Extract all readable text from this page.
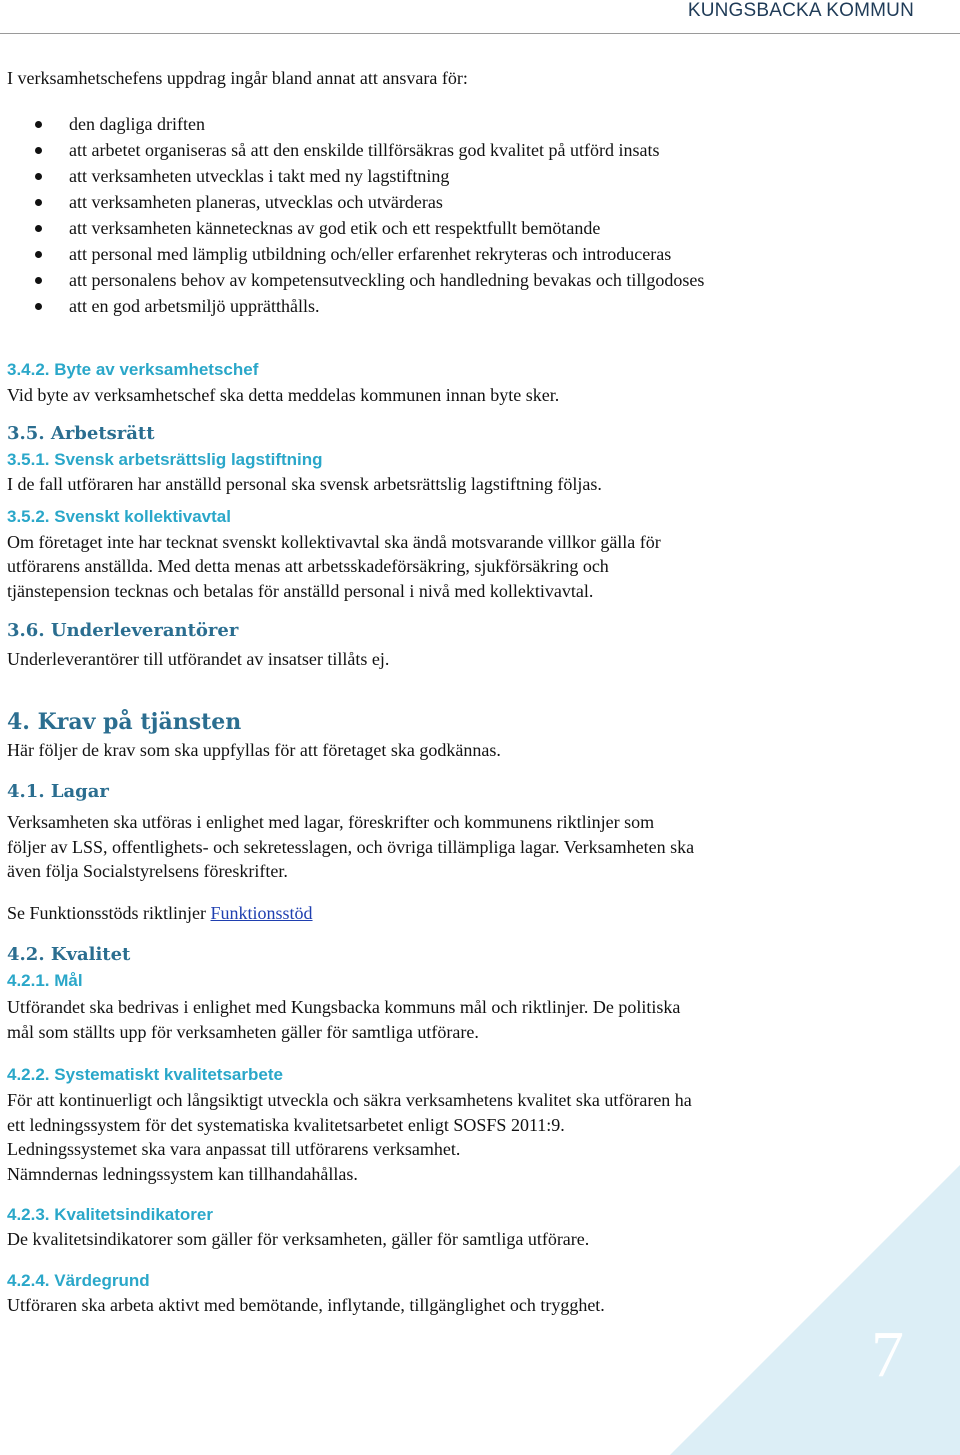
KUNGSBACKA KOMMUN

I verksamhetschefens uppdrag ingår bland annat att ansvara för:

den dagliga driften
att arbetet organiseras så att den enskilde tillförsäkras god kvalitet på utförd insats
att verksamheten utvecklas i takt med ny lagstiftning
att verksamheten planeras, utvecklas och utvärderas
att verksamheten kännetecknas av god etik och ett respektfullt bemötande
att personal med lämplig utbildning och/eller erfarenhet rekryteras och introduceras
att personalens behov av kompetensutveckling och handledning bevakas och tillgodoses
att en god arbetsmiljö upprätthålls.
3.4.2. Byte av verksamhetschef

Vid byte av verksamhetschef ska detta meddelas kommunen innan byte sker.

3.5. Arbetsrätt
3.5.1. Svensk arbetsrättslig lagstiftning

I de fall utföraren har anställd personal ska svensk arbetsrättslig lagstiftning följas.

3.5.2. Svenskt kollektivavtal

Om företaget inte har tecknat svenskt kollektivavtal ska ändå motsvarande villkor gälla för
utförarens anställda. Med detta menas att arbetsskadeförsäkring, sjukförsäkring och
tjänstepension tecknas och betalas för anställd personal i nivå med kollektivavtal.

3.6. Underleverantörer

Underleverantörer till utförandet av insatser tillåts ej.

4. Krav på tjänsten

Här följer de krav som ska uppfyllas för att företaget ska godkännas.

4.1. Lagar

Verksamheten ska utföras i enlighet med lagar, föreskrifter och kommunens riktlinjer som
följer av LSS, offentlighets- och sekretesslagen, och övriga tillämpliga lagar. Verksamheten ska
även följa Socialstyrelsens föreskrifter.

Se Funktionsstöds riktlinjer Funktionsstöd

4.2. Kvalitet
4.2.1. Mål

Utförandet ska bedrivas i enlighet med Kungsbacka kommuns mål och riktlinjer. De politiska
mål som ställts upp för verksamheten gäller för samtliga utförare.

4.2.2. Systematiskt kvalitetsarbete

För att kontinuerligt och långsiktigt utveckla och säkra verksamhetens kvalitet ska utföraren ha
ett ledningssystem för det systematiska kvalitetsarbetet enligt SOSFS 2011:9.
Ledningssystemet ska vara anpassat till utförarens verksamhet.
Nämndernas ledningssystem kan tillhandahållas.

4.2.3. Kvalitetsindikatorer

De kvalitetsindikatorer som gäller för verksamheten, gäller för samtliga utförare.

4.2.4. Värdegrund

Utföraren ska arbeta aktivt med bemötande, inflytande, tillgänglighet och trygghet.

7
